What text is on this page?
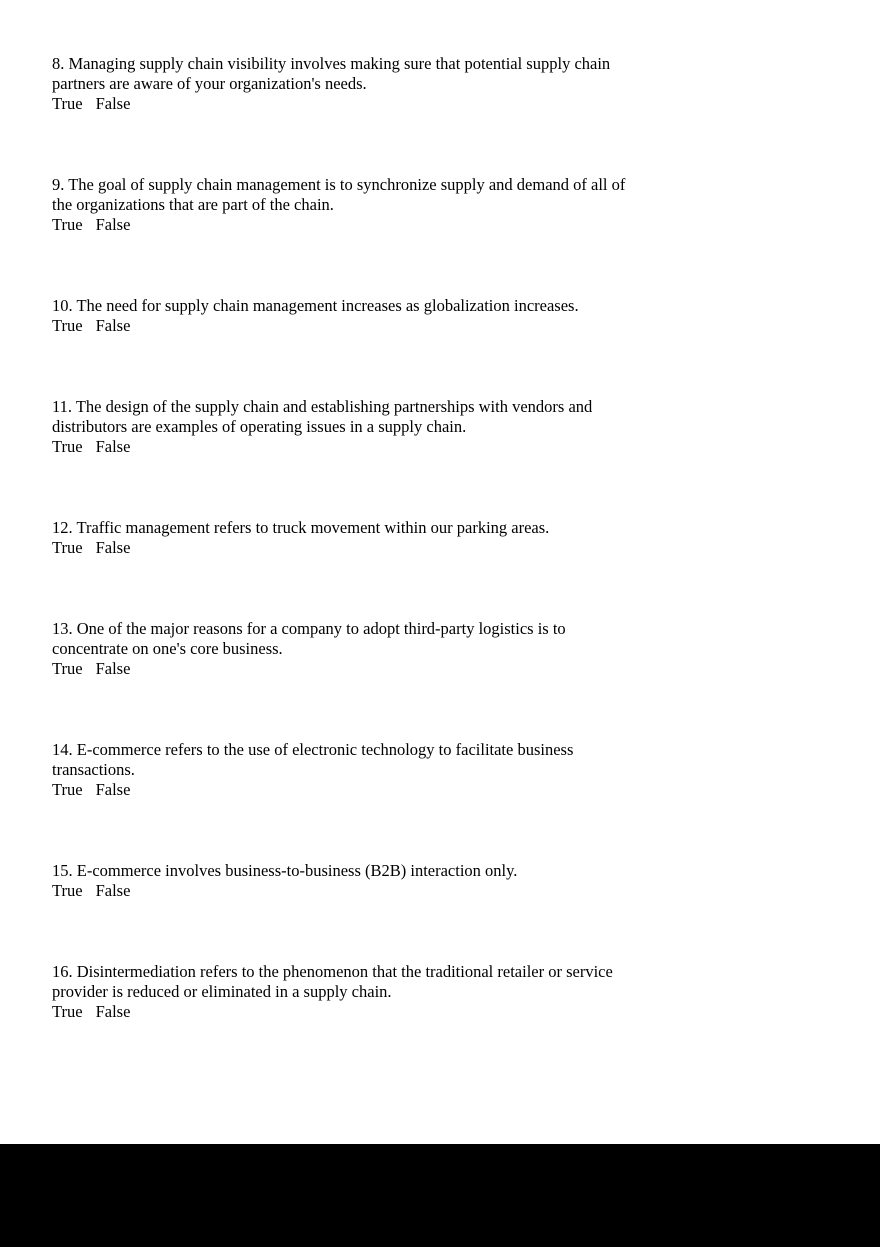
8. Managing supply chain visibility involves making sure that potential supply chain
partners are aware of your organization's needs.
True False
9. The goal of supply chain management is to synchronize supply and demand of all of
the organizations that are part of the chain.
True False
10. The need for supply chain management increases as globalization increases.
True False
11. The design of the supply chain and establishing partnerships with vendors and
distributors are examples of operating issues in a supply chain.
True False
12. Traffic management refers to truck movement within our parking areas.
True False
13. One of the major reasons for a company to adopt third-party logistics is to
concentrate on one's core business.
True False
14. E-commerce refers to the use of electronic technology to facilitate business
transactions.
True False
15. E-commerce involves business-to-business (B2B) interaction only.
True False
16. Disintermediation refers to the phenomenon that the traditional retailer or service
provider is reduced or eliminated in a supply chain.
True False
